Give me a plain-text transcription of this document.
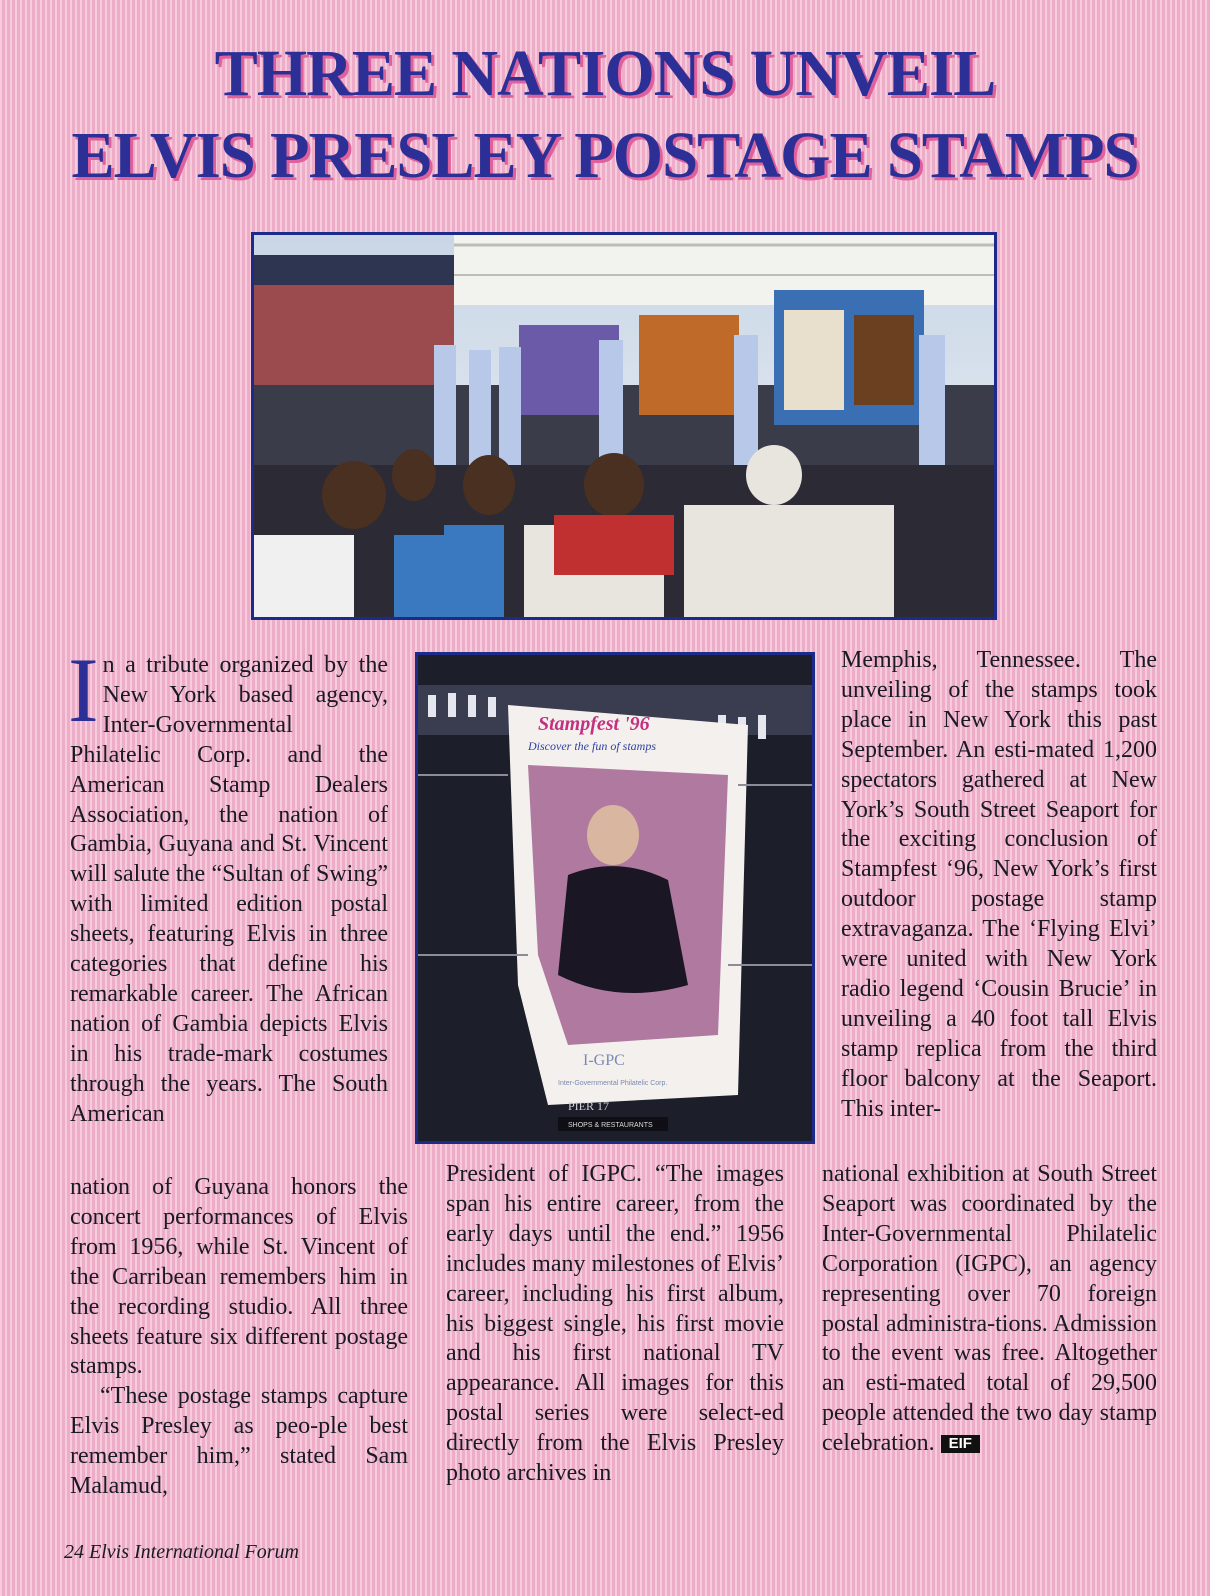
THREE NATIONS UNVEIL
ELVIS PRESLEY POSTAGE STAMPS
Stampfest '96
Discover the fun of stamps
I-GPC
Inter-Governmental Philatelic Corp.
PIER 17
SHOPS & RESTAURANTS

In a tribute organized by the New York based agency, Inter-Governmental Philatelic Corp. and the American Stamp Dealers Association, the nation of Gambia, Guyana and St. Vincent will salute the “Sultan of Swing” with limited edition postal sheets, featuring Elvis in three categories that define his remarkable career. The African nation of Gambia depicts Elvis in his trade-mark costumes through the years. The South American

nation of Guyana honors the concert performances of Elvis from 1956, while St. Vincent of the Carribean remembers him in the recording studio. All three sheets feature six different postage stamps.

“These postage stamps capture Elvis Presley as peo-ple best remember him,” stated Sam Malamud,

President of IGPC. “The images span his entire career, from the early days until the end.” 1956 includes many milestones of Elvis’ career, including his first album, his biggest single, his first movie and his first national TV appearance. All images for this postal series were select-ed directly from the Elvis Presley photo archives in

Memphis, Tennessee. The unveiling of the stamps took place in New York this past September. An esti-mated 1,200 spectators gathered at New York’s South Street Seaport for the exciting conclusion of Stampfest ‘96, New York’s first outdoor postage stamp extravaganza. The ‘Flying Elvi’ were united with New York radio legend ‘Cousin Brucie’ in unveiling a 40 foot tall Elvis stamp replica from the third floor balcony at the Seaport. This inter-

national exhibition at South Street Seaport was coordinated by the Inter-Governmental Philatelic Corporation (IGPC), an agency representing over 70 foreign postal administra-tions. Admission to the event was free. Altogether an esti-mated total of 29,500 people attended the two day stamp celebration. EIF

24 Elvis International Forum
